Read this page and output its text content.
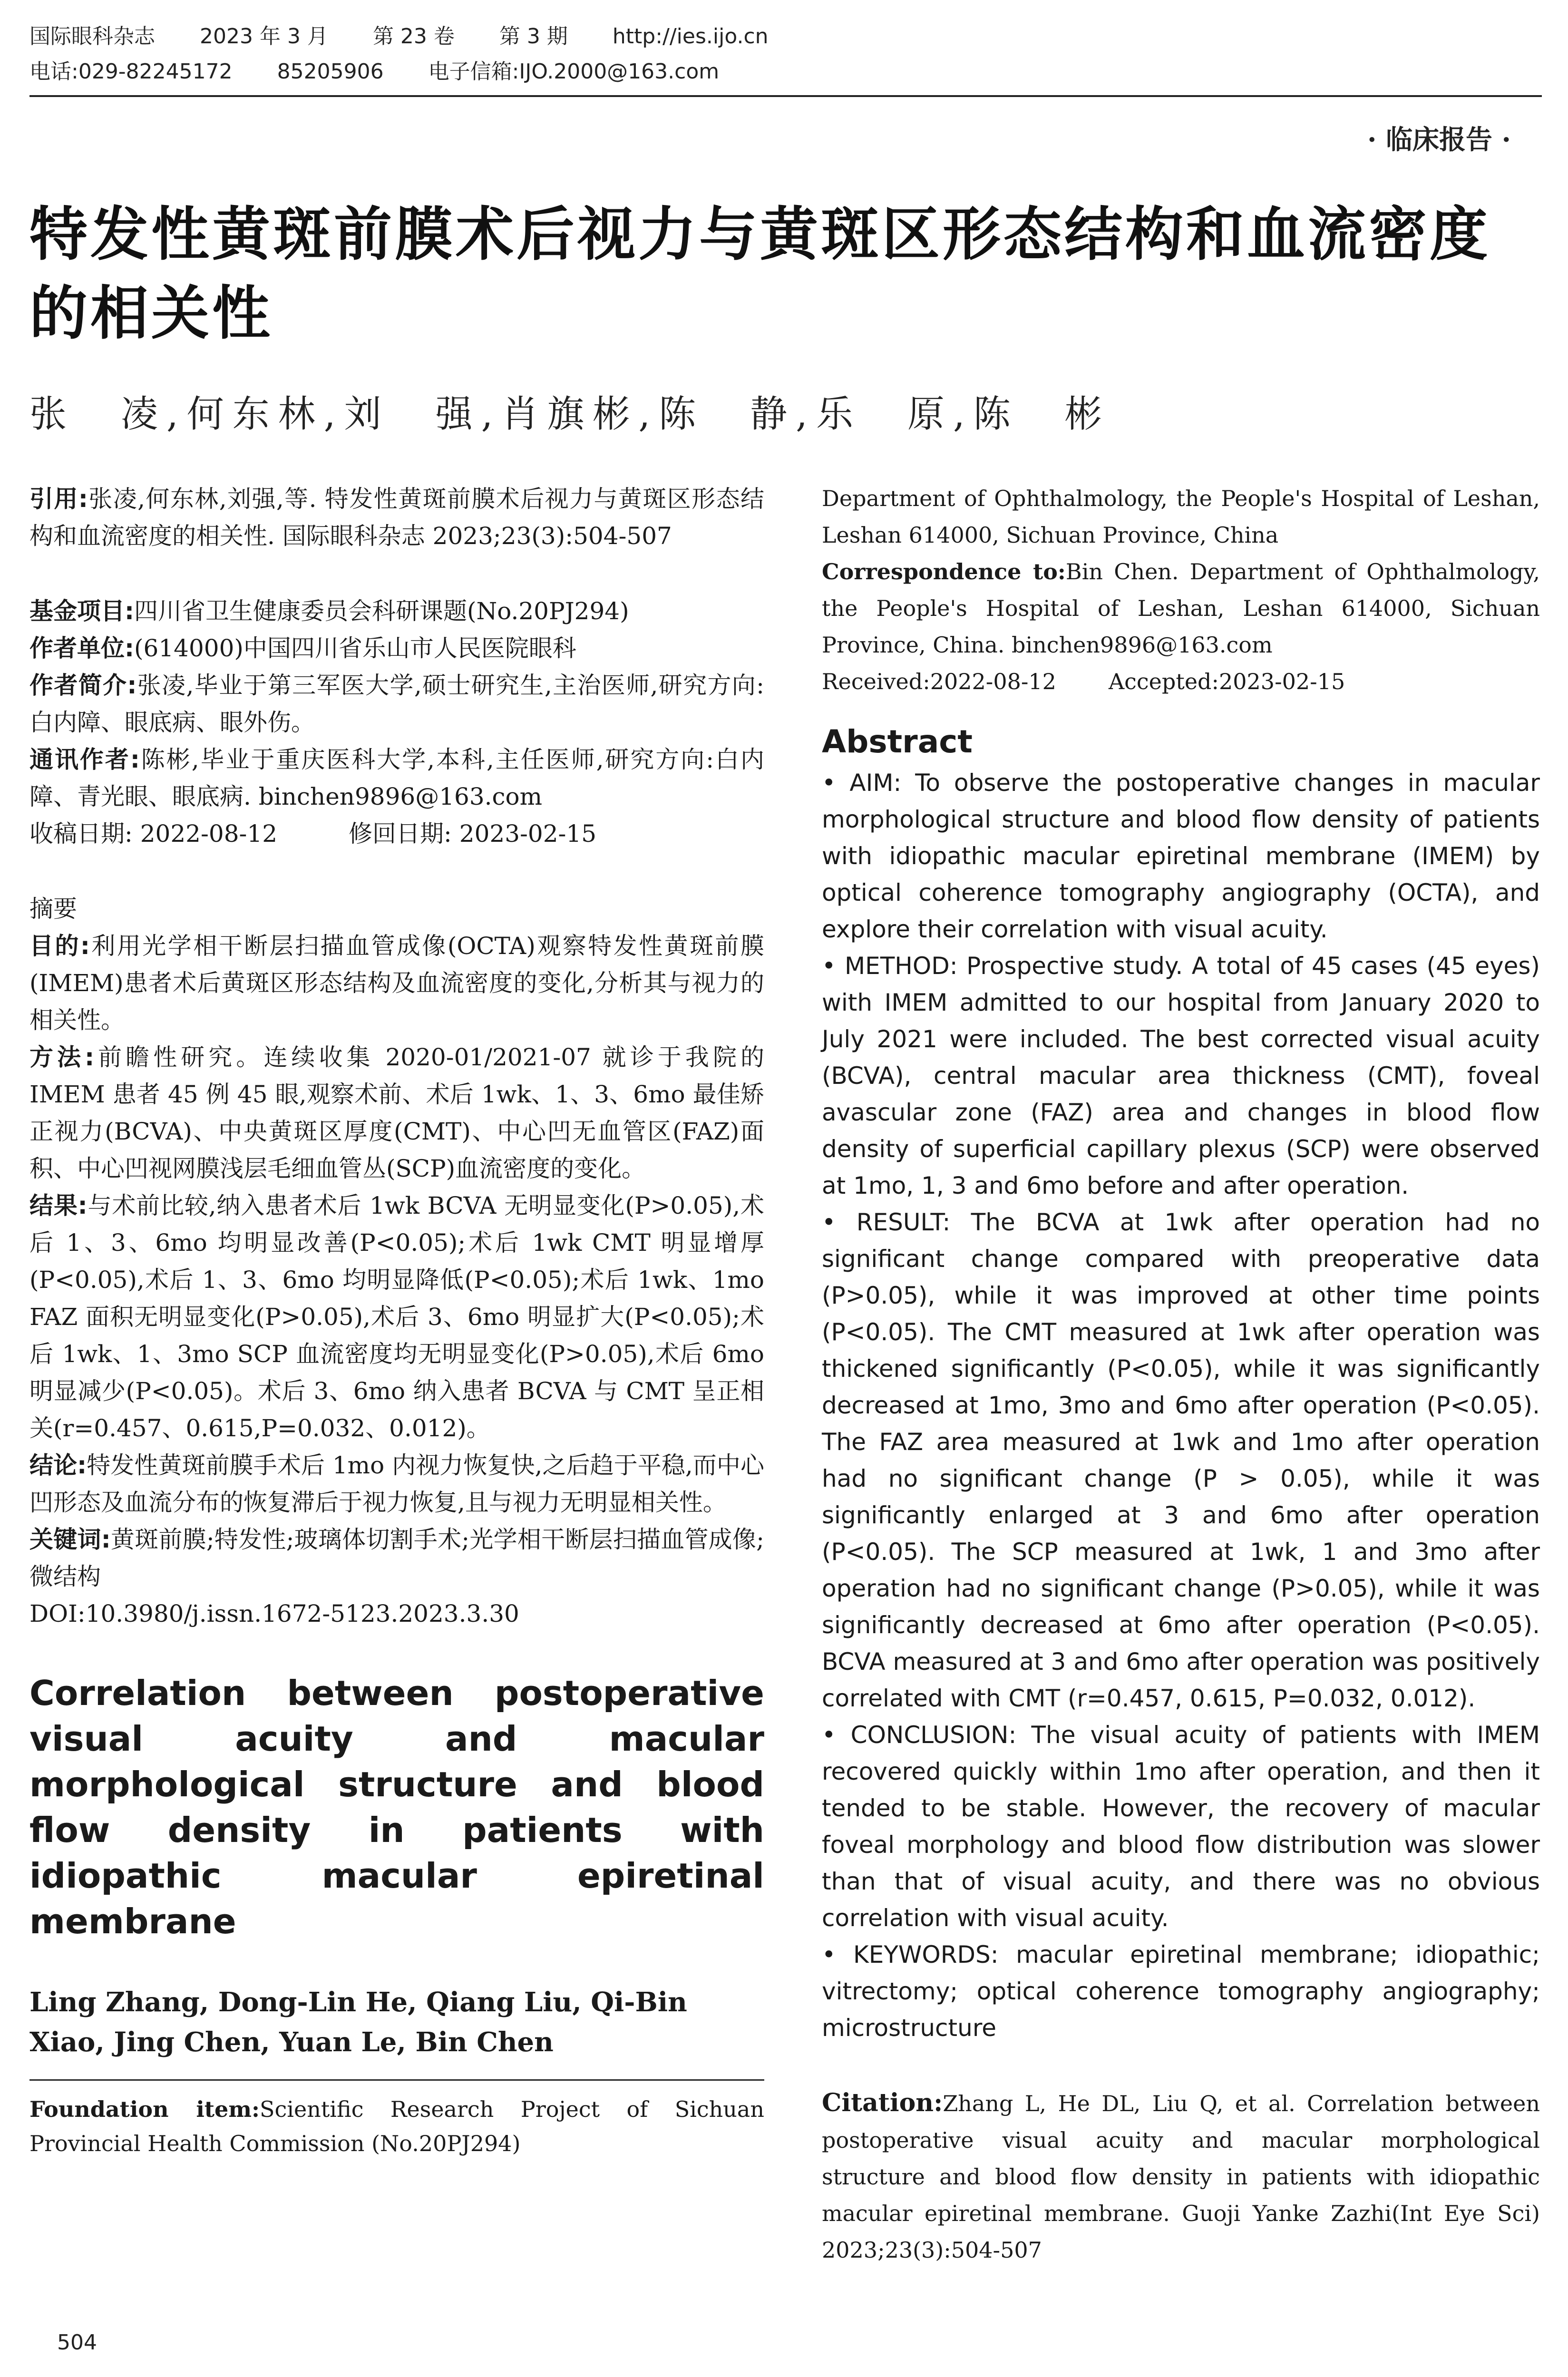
国际眼科杂志 2023 年 3 月 第 23 卷 第 3 期 http://ies.ijo.cn
电话:029-82245172 85205906 电子信箱:IJO.2000@163.com
· 临床报告 ·
特发性黄斑前膜术后视力与黄斑区形态结构和血流密度的相关性
张　凌,何东林,刘　强,肖旗彬,陈　静,乐　原,陈　彬

引用:张凌,何东林,刘强,等. 特发性黄斑前膜术后视力与黄斑区形态结构和血流密度的相关性. 国际眼科杂志 2023;23(3):504-507

基金项目:四川省卫生健康委员会科研课题(No.20PJ294)

作者单位:(614000)中国四川省乐山市人民医院眼科

作者简介:张凌,毕业于第三军医大学,硕士研究生,主治医师,研究方向:白内障、眼底病、眼外伤。

通讯作者:陈彬,毕业于重庆医科大学,本科,主任医师,研究方向:白内障、青光眼、眼底病. binchen9896@163.com

收稿日期: 2022-08-12　　　修回日期: 2023-02-15

摘要

目的:利用光学相干断层扫描血管成像(OCTA)观察特发性黄斑前膜(IMEM)患者术后黄斑区形态结构及血流密度的变化,分析其与视力的相关性。

方法:前瞻性研究。连续收集 2020-01/2021-07 就诊于我院的 IMEM 患者 45 例 45 眼,观察术前、术后 1wk、1、3、6mo 最佳矫正视力(BCVA)、中央黄斑区厚度(CMT)、中心凹无血管区(FAZ)面积、中心凹视网膜浅层毛细血管丛(SCP)血流密度的变化。

结果:与术前比较,纳入患者术后 1wk BCVA 无明显变化(P>0.05),术后 1、3、6mo 均明显改善(P<0.05);术后 1wk CMT 明显增厚(P<0.05),术后 1、3、6mo 均明显降低(P<0.05);术后 1wk、1mo FAZ 面积无明显变化(P>0.05),术后 3、6mo 明显扩大(P<0.05);术后 1wk、1、3mo SCP 血流密度均无明显变化(P>0.05),术后 6mo 明显减少(P<0.05)。术后 3、6mo 纳入患者 BCVA 与 CMT 呈正相关(r=0.457、0.615,P=0.032、0.012)。

结论:特发性黄斑前膜手术后 1mo 内视力恢复快,之后趋于平稳,而中心凹形态及血流分布的恢复滞后于视力恢复,且与视力无明显相关性。

关键词:黄斑前膜;特发性;玻璃体切割手术;光学相干断层扫描血管成像;微结构

DOI:10.3980/j.issn.1672-5123.2023.3.30

Correlation between postoperative visual acuity and macular morphological structure and blood flow density in patients with idiopathic macular epiretinal membrane

Ling Zhang, Dong-Lin He, Qiang Liu, Qi-Bin Xiao, Jing Chen, Yuan Le, Bin Chen

Foundation item:Scientific Research Project of Sichuan Provincial Health Commission (No.20PJ294)

Department of Ophthalmology, the People's Hospital of Leshan, Leshan 614000, Sichuan Province, China

Correspondence to:Bin Chen. Department of Ophthalmology, the People's Hospital of Leshan, Leshan 614000, Sichuan Province, China. binchen9896@163.com

Received:2022-08-12 Accepted:2023-02-15

Abstract

• AIM: To observe the postoperative changes in macular morphological structure and blood flow density of patients with idiopathic macular epiretinal membrane (IMEM) by optical coherence tomography angiography (OCTA), and explore their correlation with visual acuity.

• METHOD: Prospective study. A total of 45 cases (45 eyes) with IMEM admitted to our hospital from January 2020 to July 2021 were included. The best corrected visual acuity (BCVA), central macular area thickness (CMT), foveal avascular zone (FAZ) area and changes in blood flow density of superficial capillary plexus (SCP) were observed at 1mo, 1, 3 and 6mo before and after operation.

• RESULT: The BCVA at 1wk after operation had no significant change compared with preoperative data (P>0.05), while it was improved at other time points (P<0.05). The CMT measured at 1wk after operation was thickened significantly (P<0.05), while it was significantly decreased at 1mo, 3mo and 6mo after operation (P<0.05). The FAZ area measured at 1wk and 1mo after operation had no significant change (P > 0.05), while it was significantly enlarged at 3 and 6mo after operation (P<0.05). The SCP measured at 1wk, 1 and 3mo after operation had no significant change (P>0.05), while it was significantly decreased at 6mo after operation (P<0.05). BCVA measured at 3 and 6mo after operation was positively correlated with CMT (r=0.457, 0.615, P=0.032, 0.012).

• CONCLUSION: The visual acuity of patients with IMEM recovered quickly within 1mo after operation, and then it tended to be stable. However, the recovery of macular foveal morphology and blood flow distribution was slower than that of visual acuity, and there was no obvious correlation with visual acuity.

• KEYWORDS: macular epiretinal membrane; idiopathic; vitrectomy; optical coherence tomography angiography; microstructure

Citation:Zhang L, He DL, Liu Q, et al. Correlation between postoperative visual acuity and macular morphological structure and blood flow density in patients with idiopathic macular epiretinal membrane. Guoji Yanke Zazhi(Int Eye Sci) 2023;23(3):504-507

504
